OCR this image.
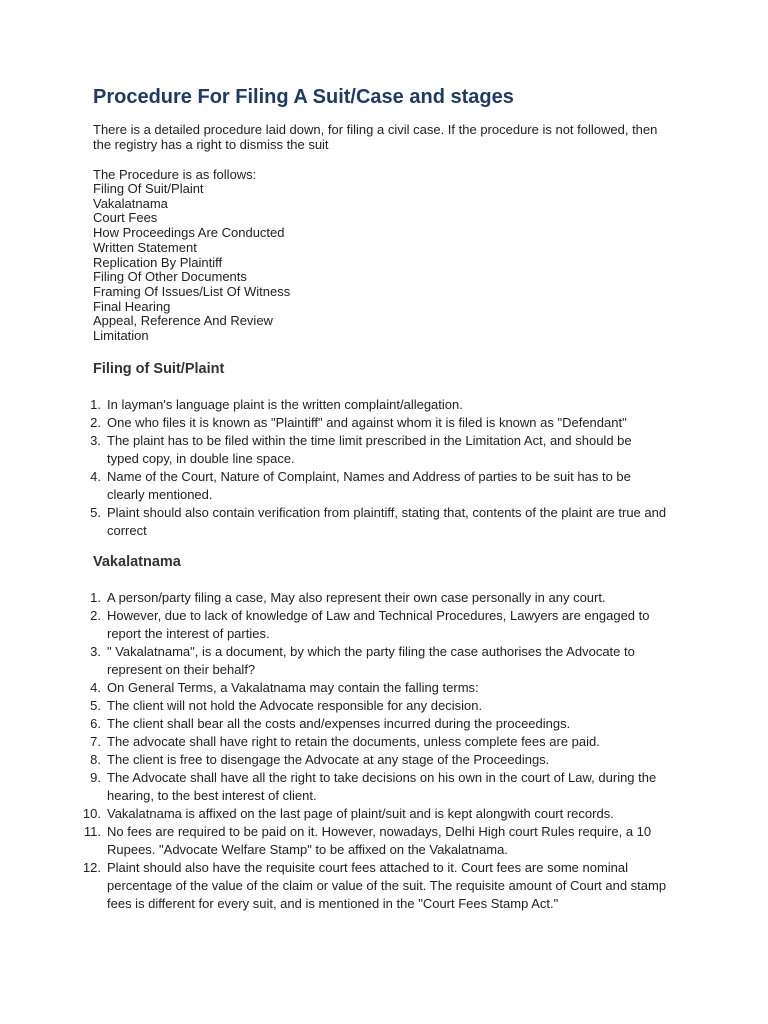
Procedure For Filing A Suit/Case and stages

There is a detailed procedure laid down, for filing a civil case. If the procedure is not followed, then the registry has a right to dismiss the suit

The Procedure is as follows:

Filing Of Suit/Plaint
Vakalatnama
Court Fees
How Proceedings Are Conducted
Written Statement
Replication By Plaintiff
Filing Of Other Documents
Framing Of Issues/List Of Witness
Final Hearing
Appeal, Reference And Review
Limitation
Filing of Suit/Plaint
1. In layman's language plaint is the written complaint/allegation.
2. One who files it is known as "Plaintiff" and against whom it is filed is known as "Defendant"
3. The plaint has to be filed within the time limit prescribed in the Limitation Act, and should be typed copy, in double line space.
4. Name of the Court, Nature of Complaint, Names and Address of parties to be suit has to be clearly mentioned.
5. Plaint should also contain verification from plaintiff, stating that, contents of the plaint are true and correct
Vakalatnama
1. A person/party filing a case, May also represent their own case personally in any court.
2. However, due to lack of knowledge of Law and Technical Procedures, Lawyers are engaged to report the interest of parties.
3. " Vakalatnama", is a document, by which the party filing the case authorises the Advocate to represent on their behalf?
4. On General Terms, a Vakalatnama may contain the falling terms:
5. The client will not hold the Advocate responsible for any decision.
6. The client shall bear all the costs and/expenses incurred during the proceedings.
7. The advocate shall have right to retain the documents, unless complete fees are paid.
8. The client is free to disengage the Advocate at any stage of the Proceedings.
9. The Advocate shall have all the right to take decisions on his own in the court of Law, during the hearing, to the best interest of client.
10. Vakalatnama is affixed on the last page of plaint/suit and is kept alongwith court records.
11. No fees are required to be paid on it. However, nowadays, Delhi High court Rules require, a 10 Rupees. "Advocate Welfare Stamp" to be affixed on the Vakalatnama.
12. Plaint should also have the requisite court fees attached to it. Court fees are some nominal percentage of the value of the claim or value of the suit. The requisite amount of Court and stamp fees is different for every suit, and is mentioned in the "Court Fees Stamp Act."
